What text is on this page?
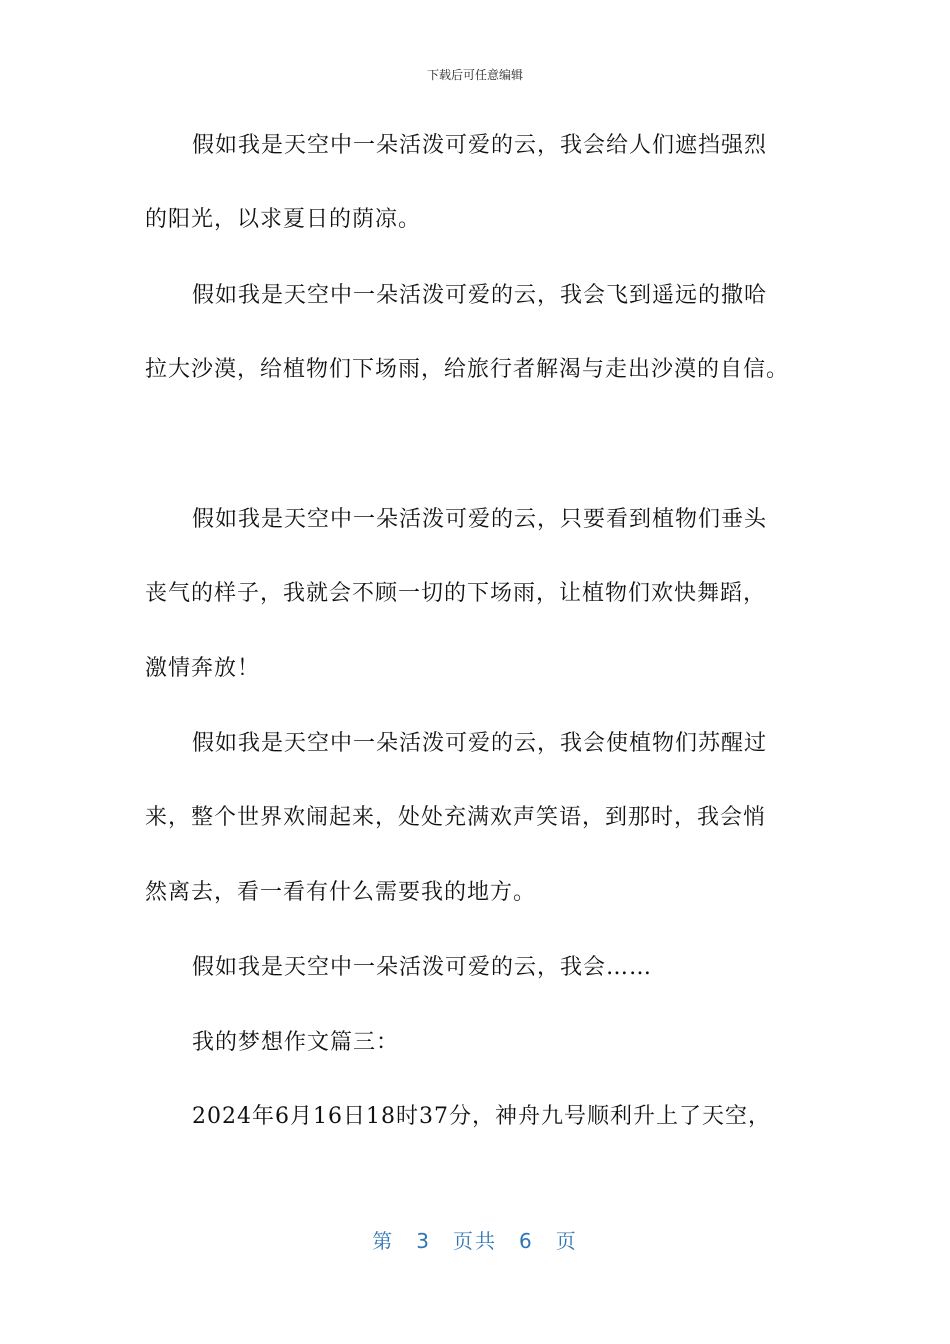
下载后可任意编辑
假如我是天空中一朵活泼可爱的云，我会给人们遮挡强烈
的阳光，以求夏日的荫凉。
假如我是天空中一朵活泼可爱的云，我会飞到遥远的撒哈
拉大沙漠，给植物们下场雨，给旅行者解渴与走出沙漠的自信。
假如我是天空中一朵活泼可爱的云，只要看到植物们垂头
丧气的样子，我就会不顾一切的下场雨，让植物们欢快舞蹈，
激情奔放！
假如我是天空中一朵活泼可爱的云，我会使植物们苏醒过
来，整个世界欢闹起来，处处充满欢声笑语，到那时，我会悄
然离去，看一看有什么需要我的地方。
假如我是天空中一朵活泼可爱的云，我会……
我的梦想作文篇三：
2024年6月16日18时37分，神舟九号顺利升上了天空，
第 3 页共 6 页
